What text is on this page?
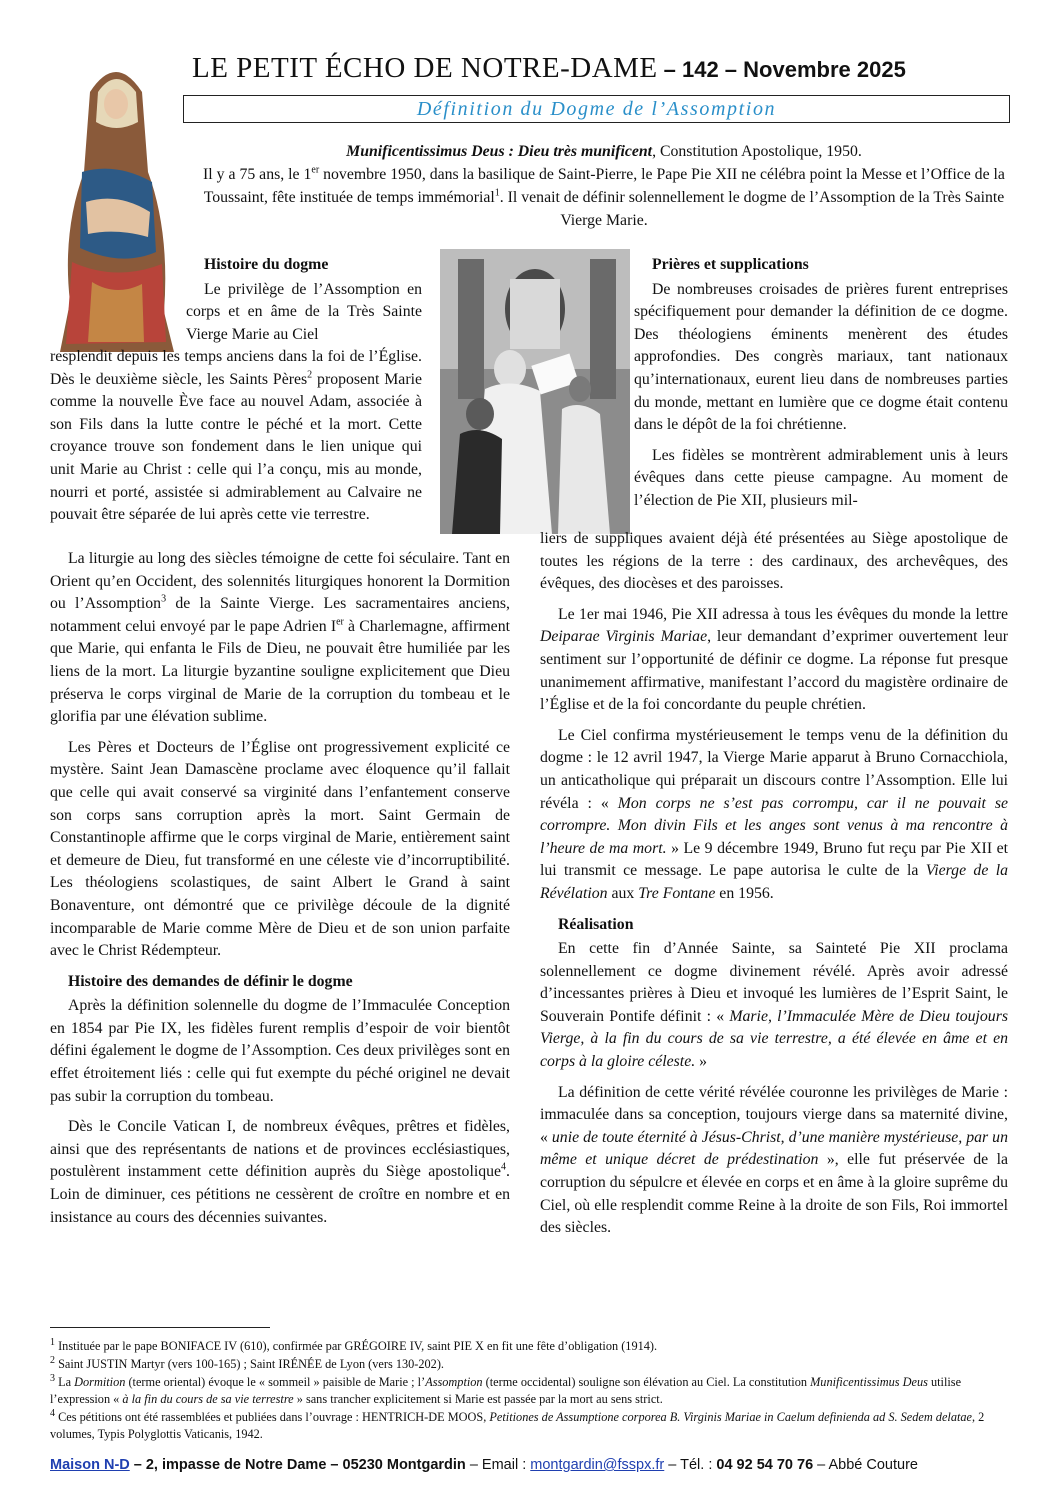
LE PETIT ÉCHO DE NOTRE-DAME – 142 – Novembre 2025
Définition du Dogme de l’Assomption
Munificentissimus Deus : Dieu très munificent, Constitution Apostolique, 1950.
Il y a 75 ans, le 1er novembre 1950, dans la basilique de Saint-Pierre, le Pape Pie XII ne célébra point la Messe et l’Office de la Toussaint, fête instituée de temps immémorial$^1$. Il venait de définir solennellement le dogme de l’Assomption de la Très Sainte Vierge Marie.
Histoire du dogme

Le privilège de l’Assomption en corps et en âme de la Très Sainte Vierge Marie au Ciel

resplendit depuis les temps anciens dans la foi de l’Église. Dès le deuxième siècle, les Saints Pères$^2$ proposent Marie comme la nouvelle Ève face au nouvel Adam, associée à son Fils dans la lutte contre le péché et la mort. Cette croyance trouve son fondement dans le lien unique qui unit Marie au Christ : celle qui l’a conçu, mis au monde, nourri et porté, assistée si admirablement au Calvaire ne pouvait être séparée de lui après cette vie terrestre.

La liturgie au long des siècles témoigne de cette foi séculaire. Tant en Orient qu’en Occident, des solennités liturgiques honorent la Dormition ou l’Assomption$^3$ de la Sainte Vierge. Les sacramentaires anciens, notamment celui envoyé par le pape Adrien Ier à Charlemagne, affirment que Marie, qui enfanta le Fils de Dieu, ne pouvait être humiliée par les liens de la mort. La liturgie byzantine souligne explicitement que Dieu préserva le corps virginal de Marie de la corruption du tombeau et le glorifia par une élévation sublime.

Les Pères et Docteurs de l’Église ont progressivement explicité ce mystère. Saint Jean Damascène proclame avec éloquence qu’il fallait que celle qui avait conservé sa virginité dans l’enfantement conserve son corps sans corruption après la mort. Saint Germain de Constantinople affirme que le corps virginal de Marie, entièrement saint et demeure de Dieu, fut transformé en une céleste vie d’incorruptibilité. Les théologiens scolastiques, de saint Albert le Grand à saint Bonaventure, ont démontré que ce privilège découle de la dignité incomparable de Marie comme Mère de Dieu et de son union parfaite avec le Christ Rédempteur.

Histoire des demandes de définir le dogme

Après la définition solennelle du dogme de l’Immaculée Conception en 1854 par Pie IX, les fidèles furent remplis d’espoir de voir bientôt défini également le dogme de l’Assomption. Ces deux privilèges sont en effet étroitement liés : celle qui fut exempte du péché originel ne devait pas subir la corruption du tombeau.

Dès le Concile Vatican I, de nombreux évêques, prêtres et fidèles, ainsi que des représentants de nations et de provinces ecclésiastiques, postulèrent instamment cette définition auprès du Siège apostolique$^4$. Loin de diminuer, ces pétitions ne cessèrent de croître en nombre et en insistance au cours des décennies suivantes.

Prières et supplications

De nombreuses croisades de prières furent entreprises spécifiquement pour demander la définition de ce dogme. Des théologiens éminents menèrent des études approfondies. Des congrès mariaux, tant nationaux qu’internationaux, eurent lieu dans de nombreuses parties du monde, mettant en lumière que ce dogme était contenu dans le dépôt de la foi chrétienne.

Les fidèles se montrèrent admirablement unis à leurs évêques dans cette pieuse campagne. Au moment de l’élection de Pie XII, plusieurs mil-

liers de suppliques avaient déjà été présentées au Siège apostolique de toutes les régions de la terre : des cardinaux, des archevêques, des évêques, des diocèses et des paroisses.

Le 1er mai 1946, Pie XII adressa à tous les évêques du monde la lettre Deiparae Virginis Mariae, leur demandant d’exprimer ouvertement leur sentiment sur l’opportunité de définir ce dogme. La réponse fut presque unanimement affirmative, manifestant l’accord du magistère ordinaire de l’Église et de la foi concordante du peuple chrétien.

Le Ciel confirma mystérieusement le temps venu de la définition du dogme : le 12 avril 1947, la Vierge Marie apparut à Bruno Cornacchiola, un anticatholique qui préparait un discours contre l’Assomption. Elle lui révéla : « Mon corps ne s’est pas corrompu, car il ne pouvait se corrompre. Mon divin Fils et les anges sont venus à ma rencontre à l’heure de ma mort. » Le 9 décembre 1949, Bruno fut reçu par Pie XII et lui transmit ce message. Le pape autorisa le culte de la Vierge de la Révélation aux Tre Fontane en 1956.

Réalisation

En cette fin d’Année Sainte, sa Sainteté Pie XII proclama solennellement ce dogme divinement révélé. Après avoir adressé d’incessantes prières à Dieu et invoqué les lumières de l’Esprit Saint, le Souverain Pontife définit : « Marie, l’Immaculée Mère de Dieu toujours Vierge, à la fin du cours de sa vie terrestre, a été élevée en âme et en corps à la gloire céleste. »

La définition de cette vérité révélée couronne les privilèges de Marie : immaculée dans sa conception, toujours vierge dans sa maternité divine, « unie de toute éternité à Jésus-Christ, d’une manière mystérieuse, par un même et unique décret de prédestination », elle fut préservée de la corruption du sépulcre et élevée en corps et en âme à la gloire suprême du Ciel, où elle resplendit comme Reine à la droite de son Fils, Roi immortel des siècles.

$^1$ Instituée par le pape BONIFACE IV (610), confirmée par GRÉGOIRE IV, saint PIE X en fit une fête d’obligation (1914).
$^2$ Saint JUSTIN Martyr (vers 100-165) ; Saint IRÉNÉE de Lyon (vers 130-202).
$^3$ La Dormition (terme oriental) évoque le « sommeil » paisible de Marie ; l’Assomption (terme occidental) souligne son élévation au Ciel. La constitution Munificentissimus Deus utilise l’expression « à la fin du cours de sa vie terrestre » sans trancher explicitement si Marie est passée par la mort au sens strict.
$^4$ Ces pétitions ont été rassemblées et publiées dans l’ouvrage : HENTRICH-DE MOOS, Petitiones de Assumptione corporea B. Virginis Mariae in Caelum definienda ad S. Sedem delatae, 2 volumes, Typis Polyglottis Vaticanis, 1942.
Maison N-D – 2, impasse de Notre Dame – 05230 Montgardin – Email : montgardin@fsspx.fr – Tél. : 04 92 54 70 76 – Abbé Couture
